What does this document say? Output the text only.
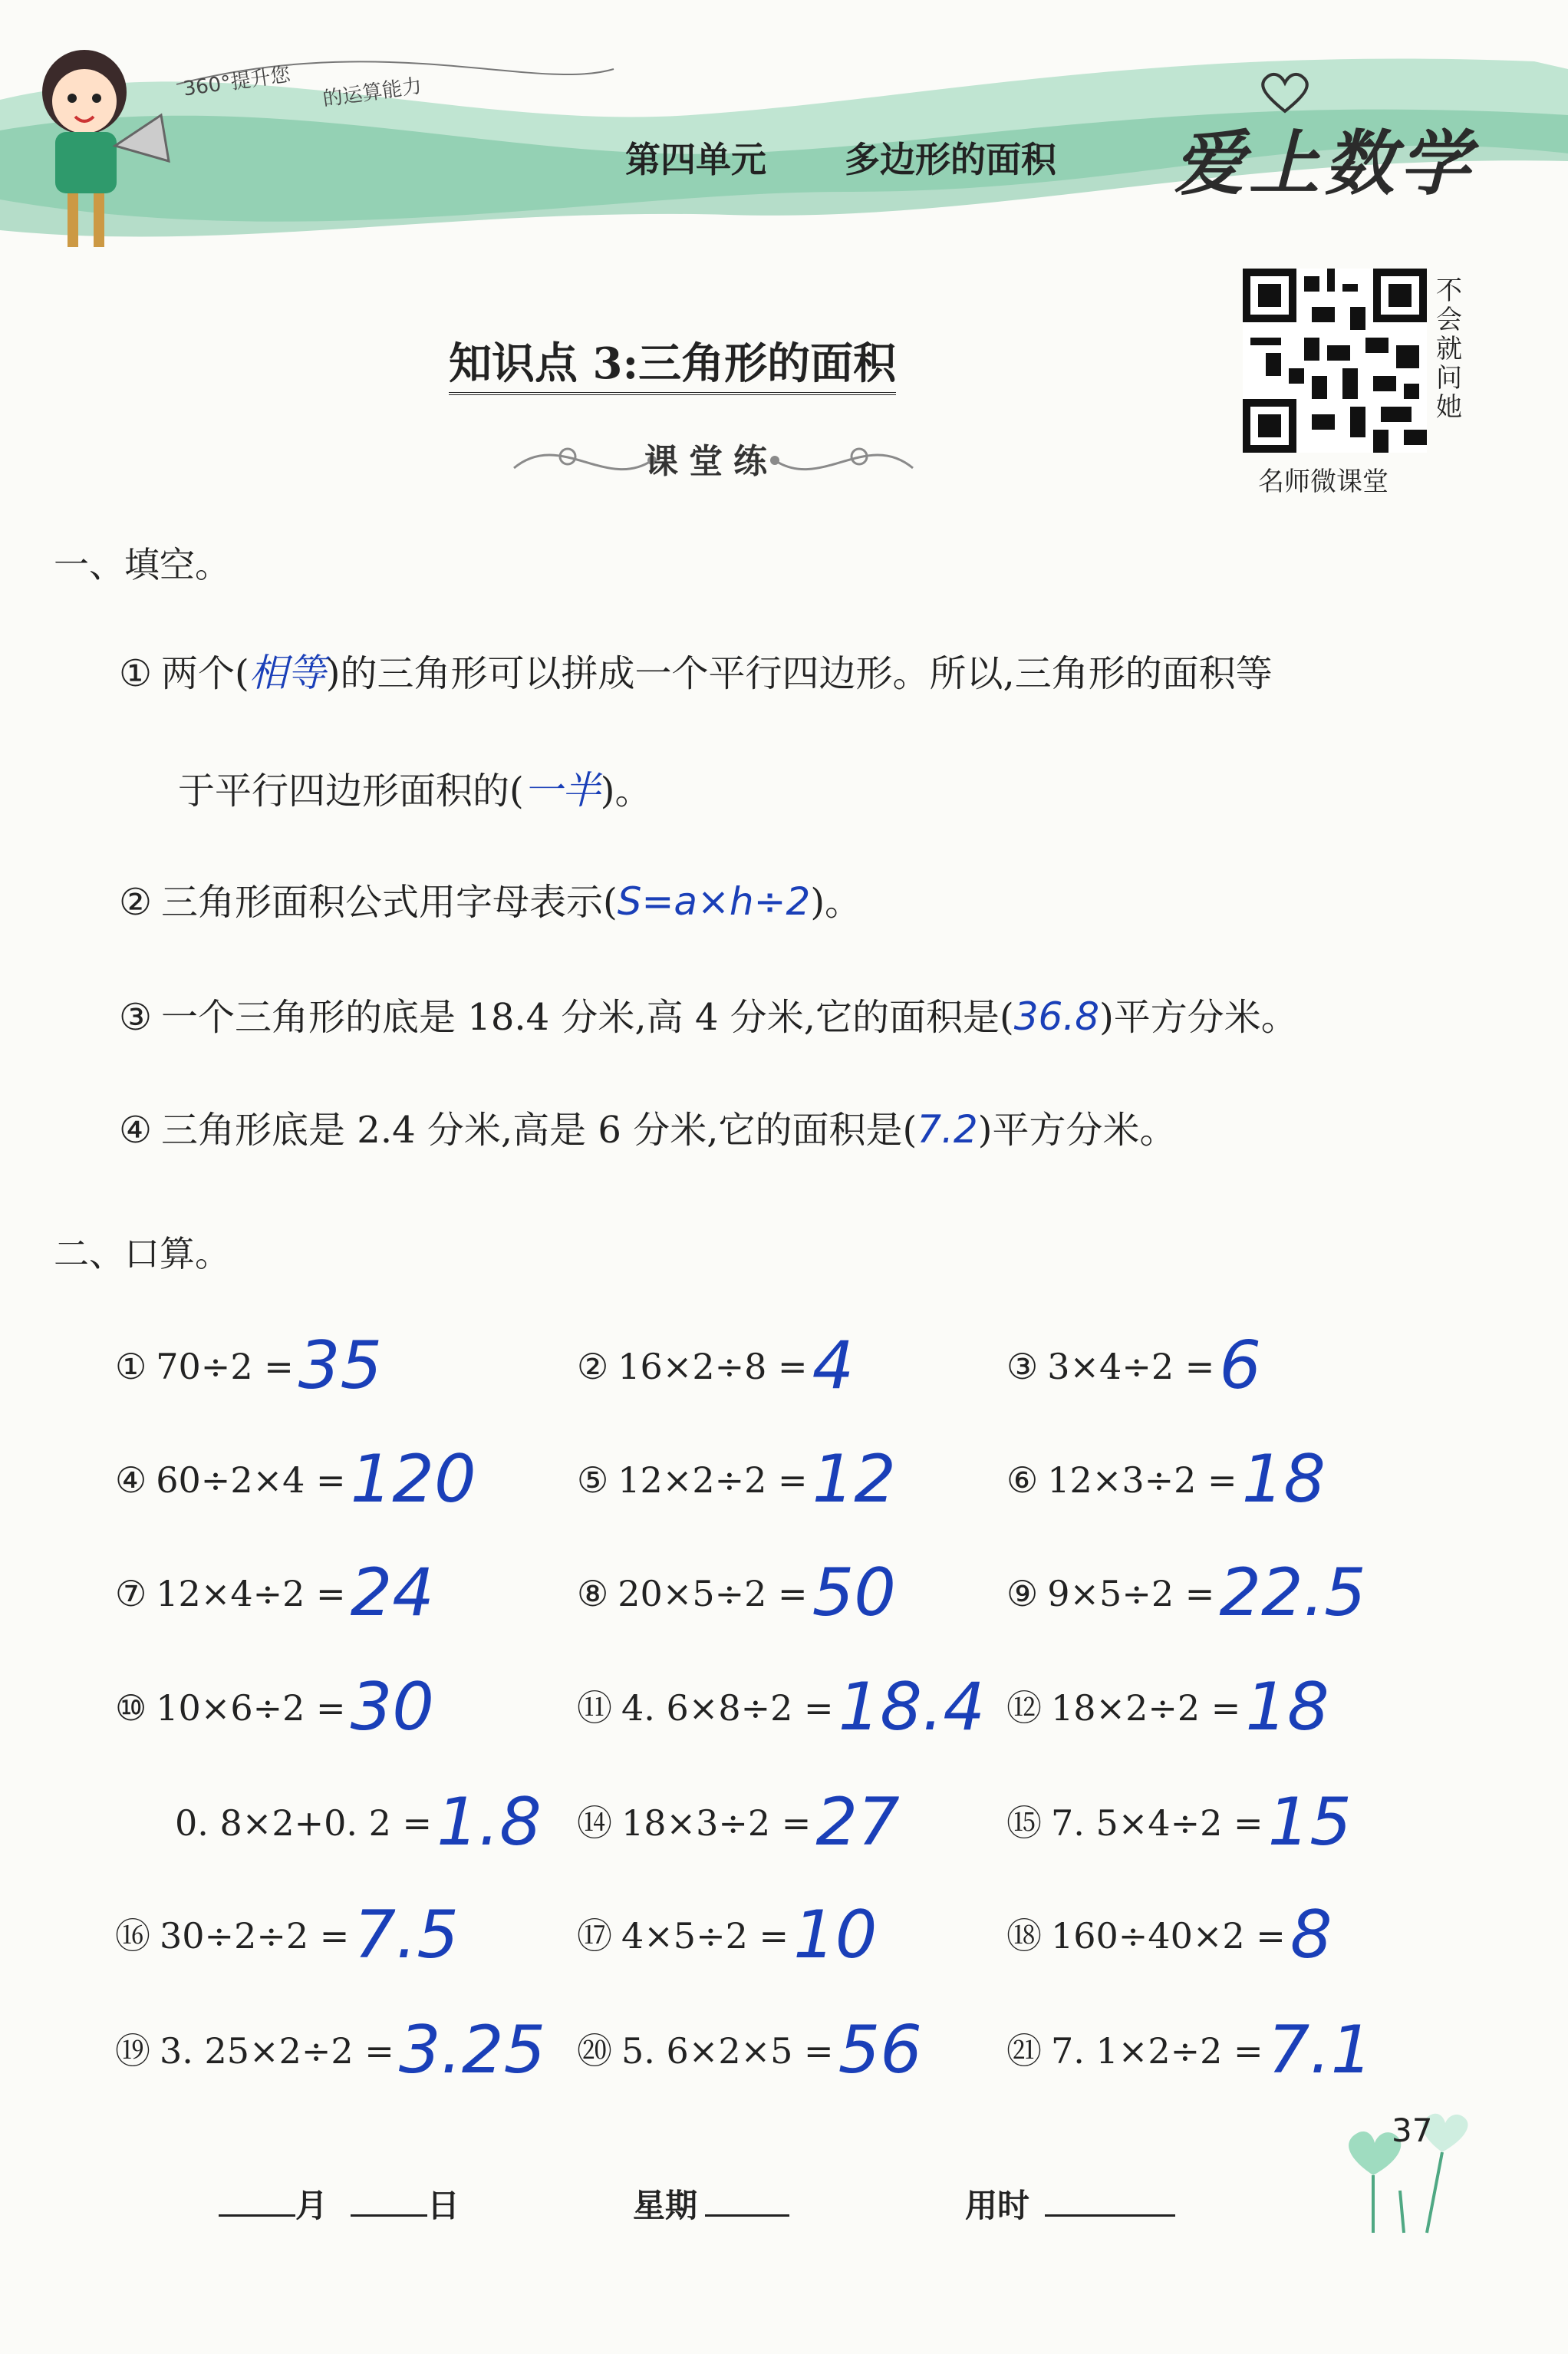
360°提升您 的运算能力
第四单元 多边形的面积 爱上数学
不会就问她
名师微课堂
知识点 3:三角形的面积
课堂练
一、填空。
① 两个(相等)的三角形可以拼成一个平行四边形。所以,三角形的面积等
于平行四边形面积的(一半)。
② 三角形面积公式用字母表示(S=a×h÷2)。
③ 一个三角形的底是 18.4 分米,高 4 分米,它的面积是(36.8)平方分米。
④ 三角形底是 2.4 分米,高是 6 分米,它的面积是(7.2)平方分米。
二、口算。
① 70÷2 =35	② 16×2÷8 =4	③ 3×4÷2 =6
④ 60÷2×4 =120	⑤ 12×2÷2 =12	⑥ 12×3÷2 =18
⑦ 12×4÷2 =24	⑧ 20×5÷2 =50	⑨ 9×5÷2 =22.5
⑩ 10×6÷2 =30	⑪ 4. 6×8÷2 =18.4 ⑫ 18×2÷2 =18
0. 8×2+0. 2 =1.8 ⑭ 18×3÷2 =27	⑮ 7. 5×4÷2 =15
⑯ 30÷2÷2 =7.5	⑰ 4×5÷2 =10	⑱ 160÷40×2 =8
⑲ 3. 25×2÷2 =3.25 ⑳ 5. 6×2×5 =56 ㉑ 7. 1×2÷2 =7.1
月	日	星期	用时
37
